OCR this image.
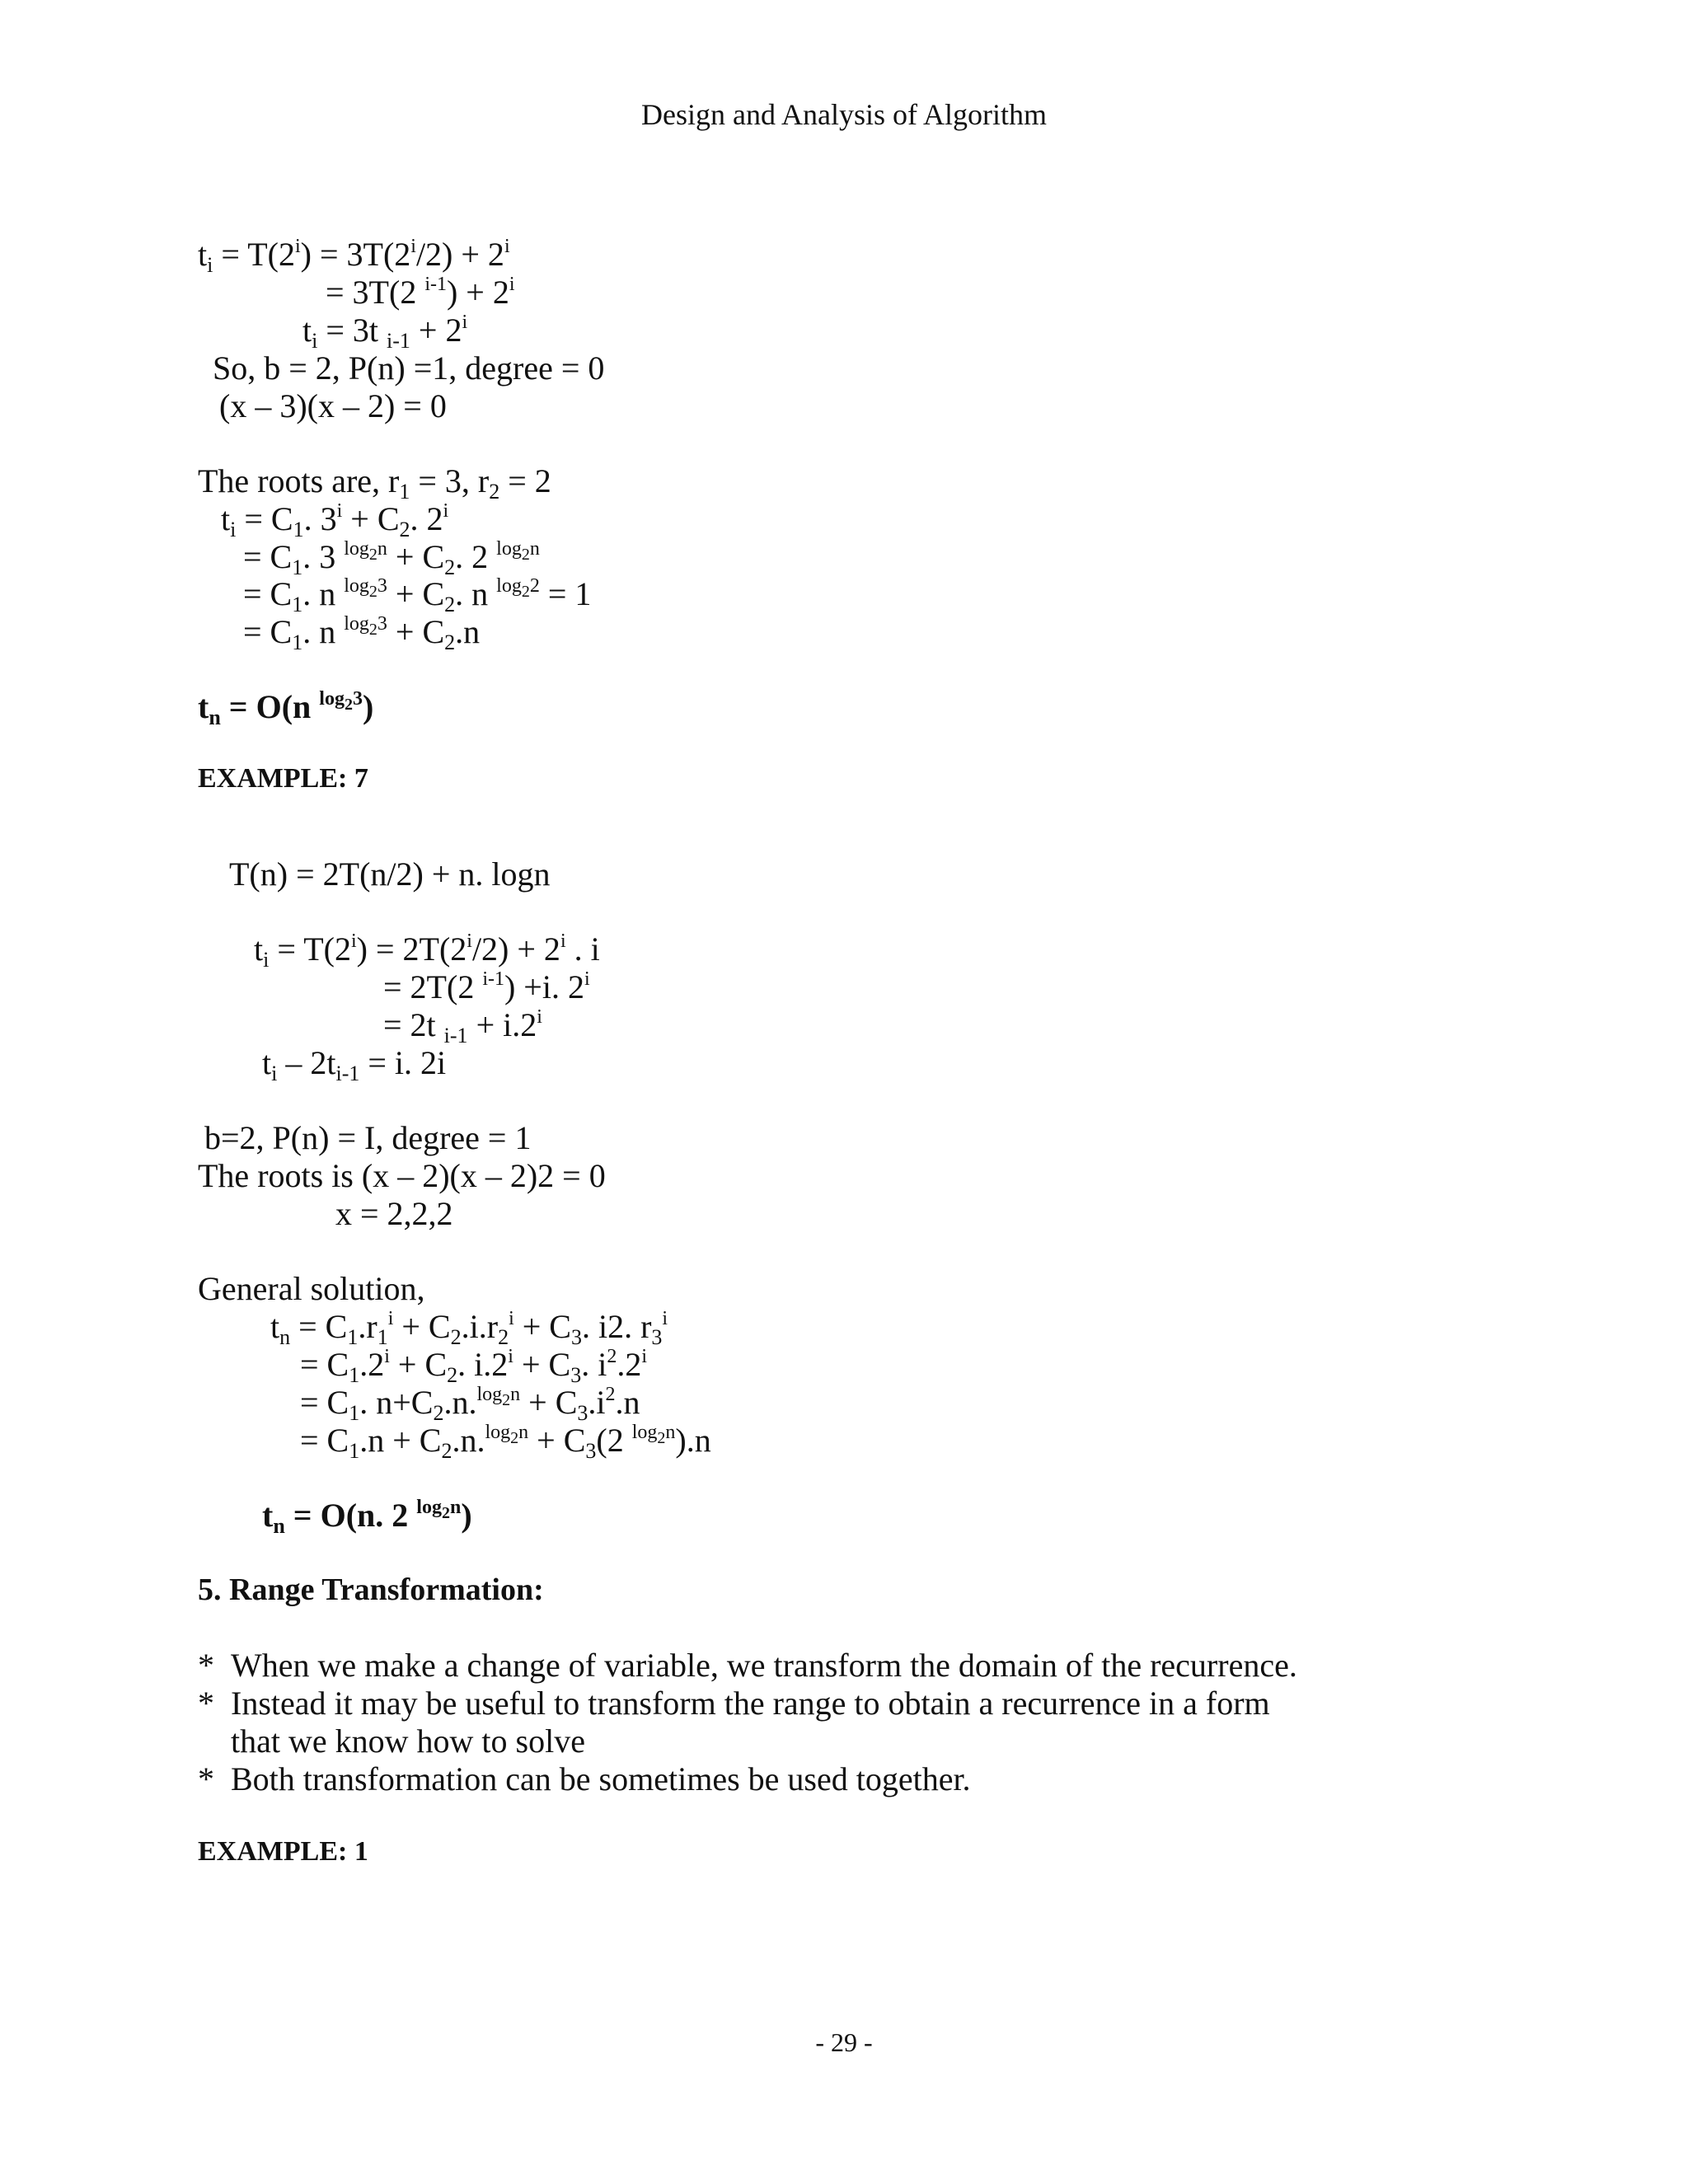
Design and Analysis of Algorithm
$t_i = T(2^i) = 3T(2^i/2) + 2^i$
= 3T(2 $^{i-1}) + 2^i$
$t_i = 3t$ $_{i-1} + 2^i$
So, b = 2, P(n) =1, degree = 0
(x – 3)(x – 2) = 0
The roots are, $r_1 = 3$, $r_2 = 2$
$t_i = C_1$. $3^i + C_2$. $2^i$
= $C_1$. 3 $^{log_2n} + C_2$. 2 $^{log_2n}$
= $C_1$. n $^{log_23} + C_2$. n $^{log_22}$ = 1
= $C_1$. n $^{log_23} + C_2.n$
$t_n = O(n$ $^{log_23}$)
EXAMPLE: 7
T(n) = 2T(n/2) + n. logn
$t_i = T(2^i) = 2T(2^i/2) + 2^i$ . i
= 2T(2 $^{i-1}$) +i. $2^i$
= 2t $_{i-1} + i.2^i$
$t_i - 2t_{i-1} = i$. 2i
b=2, P(n) = I, degree = 1
The roots is (x – 2)(x – 2)2 = 0
x = 2,2,2
General solution,
$t_n = C_1.r_1^i + C_2.i.r_2^i + C_3$. i2. $r_3^i$
= $C_1.2^i + C_2$. $i.2^i + C_3$. $i^2.2^i$
= $C_1$. $n+C_2.n.^{log_2n} + C_3.i^2.n$
= $C_1.n + C_2.n.^{log_2n} + C_3(2$ $^{log_2n}$).n
$t_n = O(n$. 2 $^{log_2n}$)
5. Range Transformation:
* When we make a change of variable, we transform the domain of the recurrence.
* Instead it may be useful to transform the range to obtain a recurrence in a form
that we know how to solve
* Both transformation can be sometimes be used together.
EXAMPLE: 1
- 29 -
